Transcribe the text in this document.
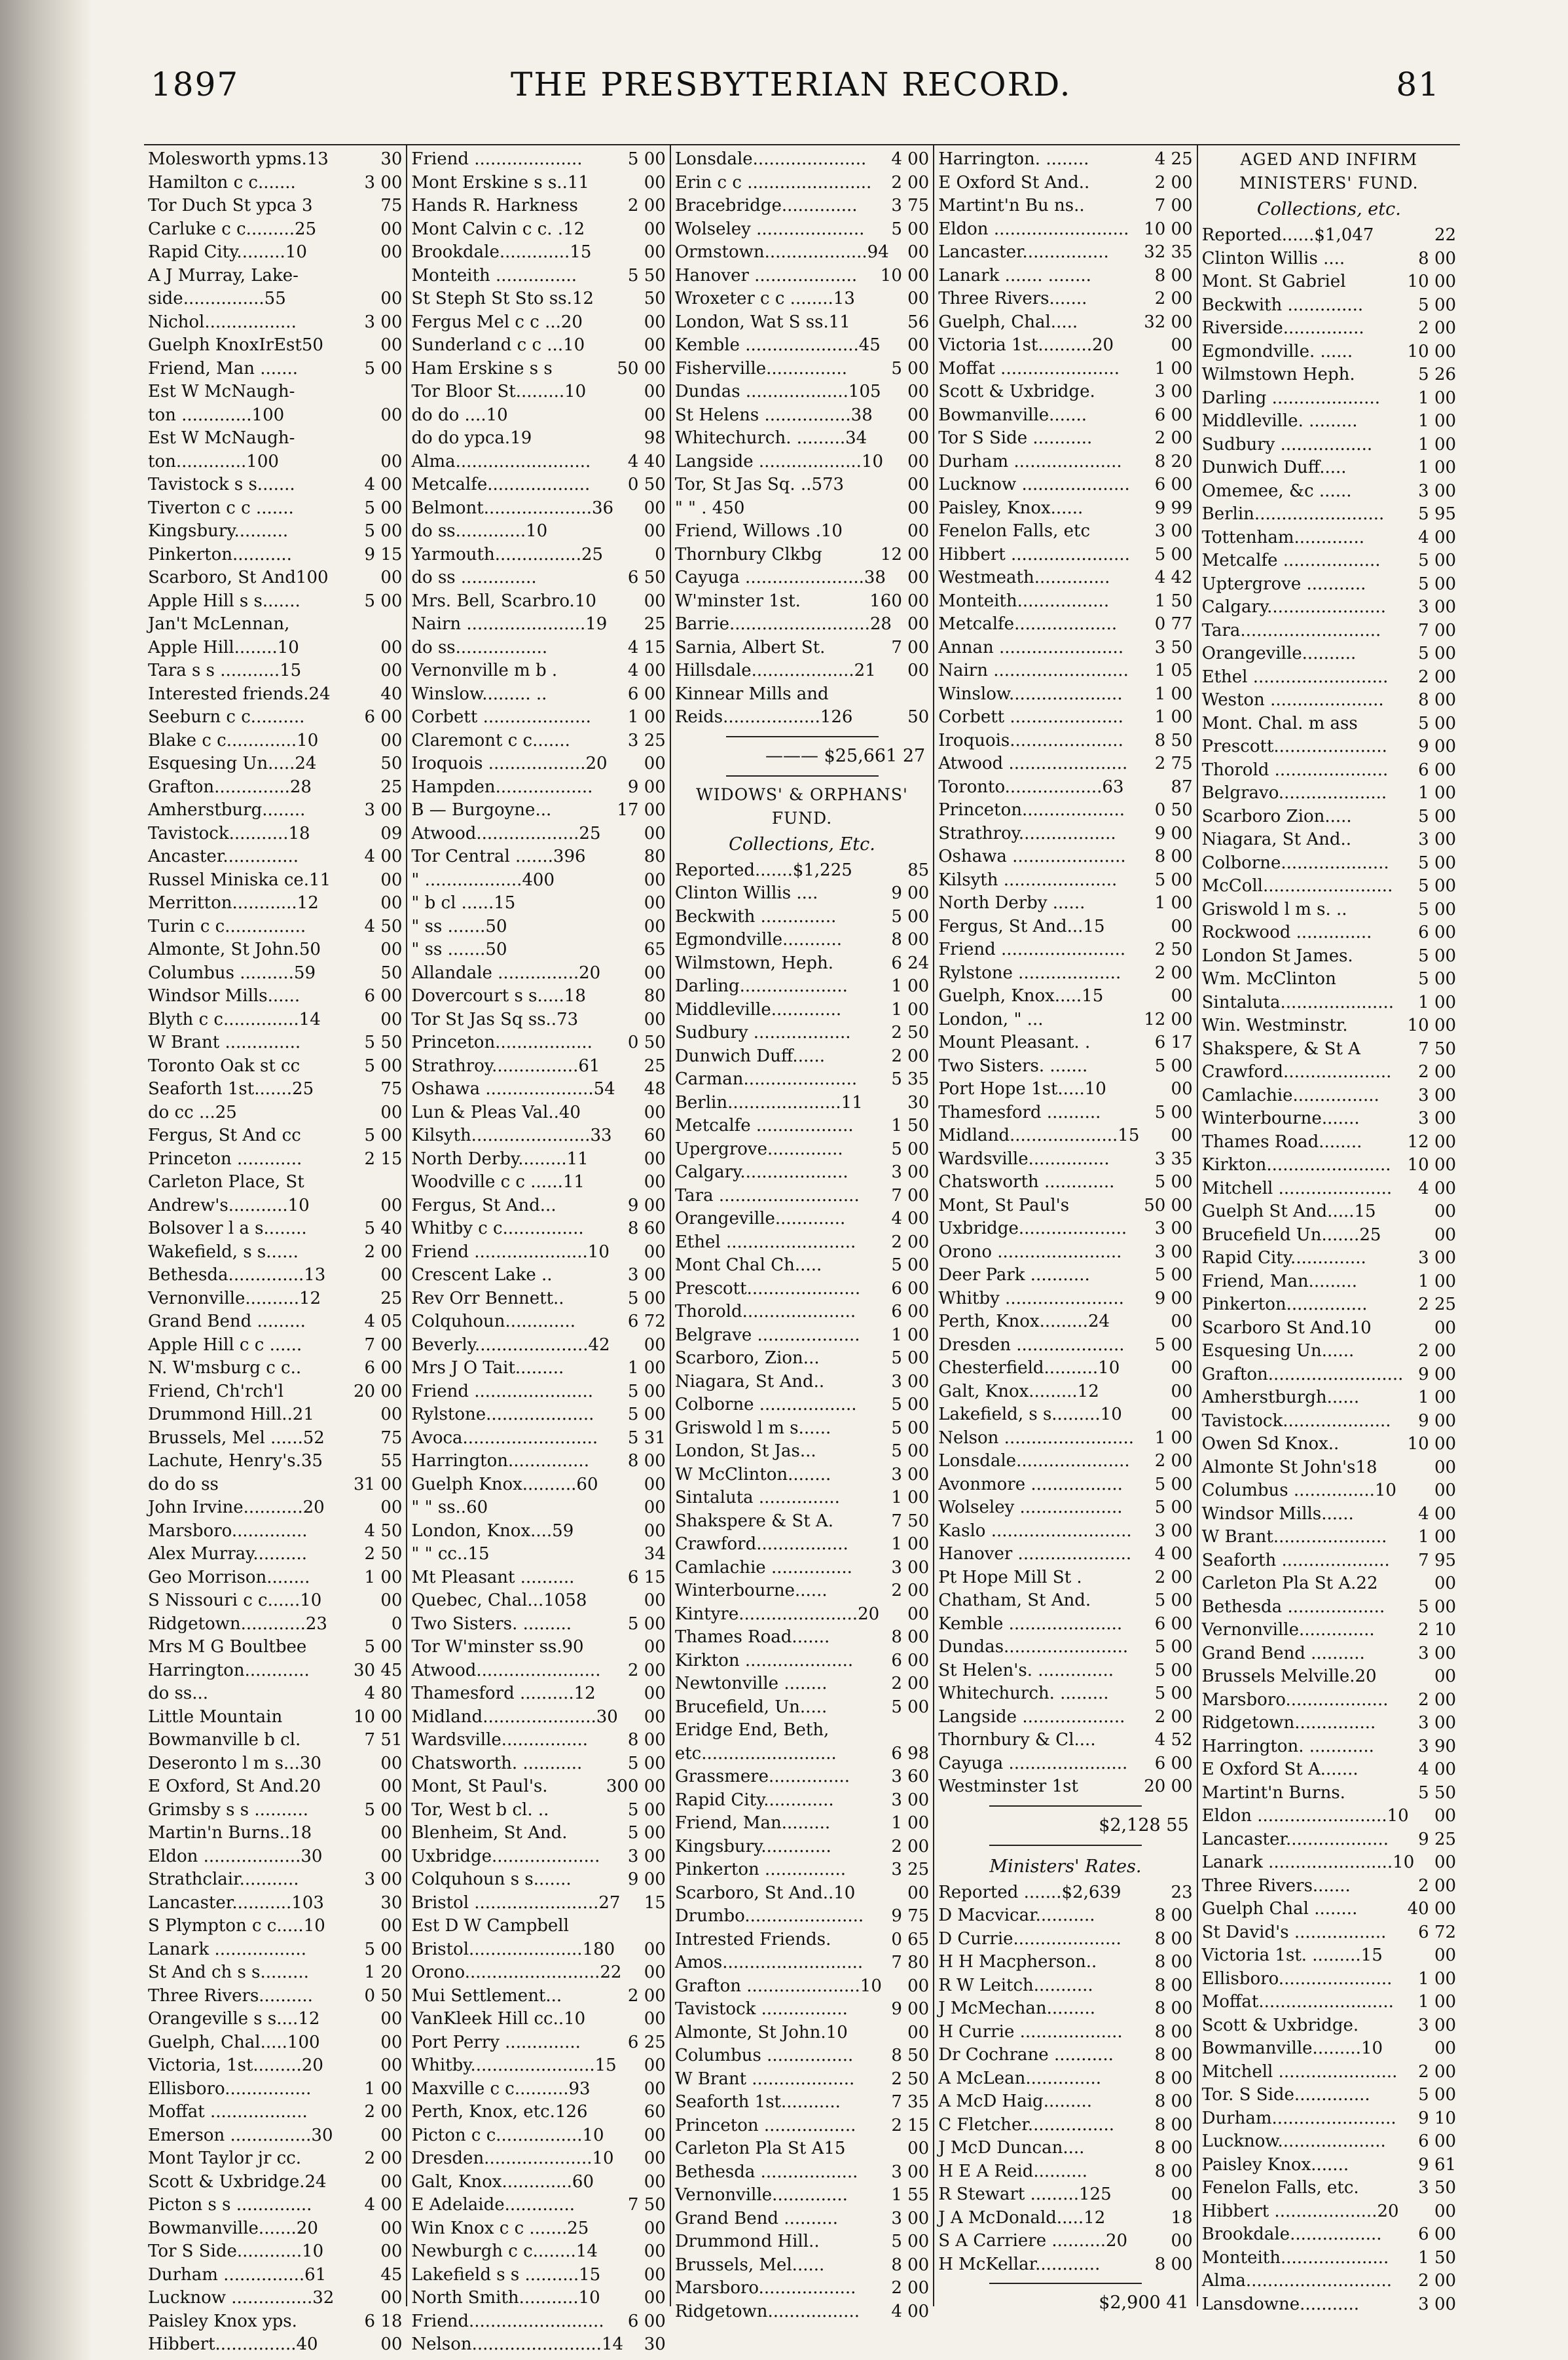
1897	THE PRESBYTERIAN RECORD.	81
Molesworth ypms.13	30
Hamilton c c.......	3 00
Tor Duch St ypca 3	75
Carluke c c.........25	00
Rapid City.........10	00
A J Murray, Lake-
side...............55	00
Nichol.................	3 00
Guelph KnoxIrEst50	00
Friend, Man .......	5 00
Est W McNaugh-
ton .............100	00
Est W McNaugh-
ton.............100	00
Tavistock s s.......	4 00
Tiverton c c .......	5 00
Kingsbury..........	5 00
Pinkerton...........	9 15
Scarboro, St And100	00
Apple Hill s s.......	5 00
Jan't McLennan,
Apple Hill........10	00
Tara s s ...........15	00
Interested friends.24	40
Seeburn c c..........	6 00
Blake c c.............10	00
Esquesing Un.....24	50
Grafton..............28	25
Amherstburg........	3 00
Tavistock...........18	09
Ancaster..............	4 00
Russel Miniska ce.11	00
Merritton............12	00
Turin c c...............	4 50
Almonte, St John.50	00
Columbus ..........59	50
Windsor Mills......	6 00
Blyth c c..............14	00
W Brant ..............	5 50
Toronto Oak st cc	5 00
Seaforth 1st.......25	75
do cc ...25	00
Fergus, St And cc	5 00
Princeton ............	2 15
Carleton Place, St
Andrew's...........10	00
Bolsover l a s........	5 40
Wakefield, s s......	2 00
Bethesda..............13	00
Vernonville..........12	25
Grand Bend .........	4 05
Apple Hill c c ......	7 00
N. W'msburg c c..	6 00
Friend, Ch'rch'l	20 00
Drummond Hill..21	00
Brussels, Mel ......52	75
Lachute, Henry's.35	55
do do ss	31 00
John Irvine...........20	00
Marsboro..............	4 50
Alex Murray..........	2 50
Geo Morrison........	1 00
S Nissouri c c......10	00
Ridgetown............23	0
Mrs M G Boultbee	5 00
Harrington............	30 45
do ss...	4 80
Little Mountain	10 00
Bowmanville b cl.	7 51
Deseronto l m s...30	00
E Oxford, St And.20	00
Grimsby s s ..........	5 00
Martin'n Burns..18	00
Eldon ..................30	00
Strathclair...........	3 00
Lancaster...........103	30
S Plympton c c.....10	00
Lanark .................	5 00
St And ch s s.........	1 20
Three Rivers..........	0 50
Orangeville s s....12	00
Guelph, Chal.....100	00
Victoria, 1st.........20	00
Ellisboro................	1 00
Moffat ..................	2 00
Emerson ...............30	00
Mont Taylor jr cc.	2 00
Scott & Uxbridge.24	00
Picton s s ..............	4 00
Bowmanville.......20	00
Tor S Side............10	00
Durham ...............61	45
Lucknow ...............32	00
Paisley Knox yps.	6 18
Hibbert...............40	00
Friend ....................	5 00
Mont Erskine s s..11	00
Hands R. Harkness	2 00
Mont Calvin c c. .12	00
Brookdale.............15	00
Monteith ...............	5 50
St Steph St Sto ss.12	50
Fergus Mel c c ...20	00
Sunderland c c ...10	00
Ham Erskine s s	50 00
Tor Bloor St.........10	00
do do ....10	00
do do ypca.19	98
Alma......................... 4 40
Metcalfe................... 0 50
Belmont....................36 00
do ss.............10	00
Yarmouth................25	0
do ss ..............	6 50
Mrs. Bell, Scarbro.10	00
Nairn ......................19 25
do ss.................	4 15
Vernonville m b .	4 00
Winslow......... ..	6 00
Corbett .................... 1 00
Claremont c c.......	3 25
Iroquois ..................20 00
Hampden.................. 9 00
B — Burgoyne...	17 00
Atwood...................25	00
Tor Central .......396	80
" ..................400	00
" b cl ......15	00
" ss .......50	00
" ss .......50	65
Allandale ...............20	00
Dovercourt s s.....18	80
Tor St Jas Sq ss..73	00
Princeton.................. 0 50
Strathroy................61	25
Oshawa ....................54 48
Lun & Pleas Val..40	00
Kilsyth......................33 60
North Derby.........11	00
Woodville c c ......11	00
Fergus, St And...	9 00
Whitby c c...............	8 60
Friend .....................10 00
Crescent Lake ..	3 00
Rev Orr Bennett..	5 00
Colquhoun.............	6 72
Beverly.....................42 00
Mrs J O Tait.........	1 00
Friend ...................... 5 00
Rylstone.................... 5 00
Avoca......................... 5 31
Harrington............... 8 00
Guelph Knox..........60	00
" " ss..60	00
London, Knox....59	00
" " cc..15	34
Mt Pleasant ..........	6 15
Quebec, Chal...1058	00
Two Sisters. .........	5 00
Tor W'minster ss.90	00
Atwood....................... 2 00
Thamesford ..........12	00
Midland.....................30 00
Wardsville................ 8 00
Chatsworth. ...........	5 00
Mont, St Paul's.	300 00
Tor, West b cl. ..	5 00
Blenheim, St And.	5 00
Uxbridge.................... 3 00
Colquhoun s s.......	9 00
Bristol .......................27 15
Est D W Campbell
Bristol.....................180 00
Orono.........................22 00
Mui Settlement...	2 00
VanKleek Hill cc..10	00
Port Perry ..............	6 25
Whitby.......................15 00
Maxville c c..........93	00
Perth, Knox, etc.126	60
Picton c c................10 00
Dresden....................10 00
Galt, Knox.............60	00
E Adelaide.............	7 50
Win Knox c c .......25	00
Newburgh c c........14	00
Lakefield s s ..........15	00
North Smith...........10	00
Friend......................... 6 00
Nelson........................14 30
Lonsdale..................... 4 00
Erin c c ....................... 2 00
Bracebridge.............. 3 75
Wolseley .................... 5 00
Ormstown...................94 00
Hanover ................... 10 00
Wroxeter c c ........13	00
London, Wat S ss.11	56
Kemble .....................45 00
Fisherville...............	5 00
Dundas ...................105 00
St Helens ................38 00
Whitechurch. .........34 00
Langside ...................10 00
Tor, St Jas Sq. ..573	00
" " . 450	00
Friend, Willows .10	00
Thornbury Clkbg	12 00
Cayuga ......................38 00
W'minster 1st.	160 00
Barrie..........................28 00
Sarnia, Albert St.	7 00
Hillsdale...................21 00
Kinnear Mills and
Reids..................126	50
——— $25,661 27
WIDOWS' & ORPHANS'
FUND.
Collections, Etc.
Reported.......$1,225	85
Clinton Willis ....	9 00
Beckwith ..............	5 00
Egmondville...........	8 00
Wilmstown, Heph.	6 24
Darling....................	1 00
Middleville.............	1 00
Sudbury .................. 2 50
Dunwich Duff......	2 00
Carman..................... 5 35
Berlin.....................11	30
Metcalfe .................. 1 50
Upergrove..............	5 00
Calgary....................	3 00
Tara .......................... 7 00
Orangeville.............	4 00
Ethel ........................ 2 00
Mont Chal Ch.....	5 00
Prescott..................... 6 00
Thorold..................... 6 00
Belgrave ................... 1 00
Scarboro, Zion...	5 00
Niagara, St And..	3 00
Colborne .................. 5 00
Griswold l m s......	5 00
London, St Jas...	5 00
W McClinton........	3 00
Sintaluta ...............	1 00
Shakspere & St A.	7 50
Crawford.................	1 00
Camlachie ............... 3 00
Winterbourne......	2 00
Kintyre......................20 00
Thames Road.......	8 00
Kirkton .................... 6 00
Newtonville ........	2 00
Brucefield, Un.....	5 00
Eridge End, Beth,
etc.........................	6 98
Grassmere............... 3 60
Rapid City.............	3 00
Friend, Man.........	1 00
Kingsbury.............	2 00
Pinkerton ...............	3 25
Scarboro, St And..10	00
Drumbo...................... 9 75
Intrested Friends.	0 65
Amos.......................... 7 80
Grafton .....................10 00
Tavistock ................	9 00
Almonte, St John.10	00
Columbus ................ 8 50
W Brant ................... 2 50
Seaforth 1st...........	7 35
Princeton ................. 2 15
Carleton Pla St A15	00
Bethesda .................. 3 00
Vernonville..............	1 55
Grand Bend ..........	3 00
Drummond Hill..	5 00
Brussels, Mel......	8 00
Marsboro.................. 2 00
Ridgetown................. 4 00
Harrington. ........	4 25
E Oxford St And..	2 00
Martint'n Bu ns..	7 00
Eldon ......................... 10 00
Lancaster................ 32 35
Lanark ....... ........	8 00
Three Rivers.......	2 00
Guelph, Chal.....	32 00
Victoria 1st..........20	00
Moffat ...................... 1 00
Scott & Uxbridge.	3 00
Bowmanville.......	6 00
Tor S Side ...........	2 00
Durham .................... 8 20
Lucknow .................... 6 00
Paisley, Knox......	9 99
Fenelon Falls, etc	3 00
Hibbert ...................... 5 00
Westmeath..............	4 42
Monteith.................	1 50
Metcalfe................... 0 77
Annan ....................... 3 50
Nairn ......................... 1 05
Winslow..................... 1 00
Corbett ..................... 1 00
Iroquois..................... 8 50
Atwood ...................... 2 75
Toronto..................63	87
Princeton................... 0 50
Strathroy.................. 9 00
Oshawa ..................... 8 00
Kilsyth ..................... 5 00
North Derby ......	1 00
Fergus, St And...15	00
Friend ....................... 2 50
Rylstone ................... 2 00
Guelph, Knox.....15	00
London, " ...	12 00
Mount Pleasant. .	6 17
Two Sisters. .......	5 00
Port Hope 1st.....10	00
Thamesford ..........	5 00
Midland....................15 00
Wardsville...............	3 35
Chatsworth ............. 5 00
Mont, St Paul's	50 00
Uxbridge.................... 3 00
Orono ....................... 3 00
Deer Park ...........	5 00
Whitby ...................... 9 00
Perth, Knox.........24	00
Dresden .................... 5 00
Chesterfield..........10	00
Galt, Knox.........12	00
Lakefield, s s.........10	00
Nelson ........................ 1 00
Lonsdale..................... 2 00
Avonmore ................. 5 00
Wolseley ................... 5 00
Kaslo .......................... 3 00
Hanover ..................... 4 00
Pt Hope Mill St .	2 00
Chatham, St And.	5 00
Kemble ..................... 6 00
Dundas....................... 5 00
St Helen's. .............. 5 00
Whitechurch. .........	5 00
Langside ................... 2 00
Thornbury & Cl....	4 52
Cayuga ...................... 6 00
Westminster 1st	20 00
$2,128 55
Ministers' Rates.
Reported .......$2,639	23
D Macvicar...........	8 00
D Currie.................... 8 00
H H Macpherson..	8 00
R W Leitch...........	8 00
J McMechan.........	8 00
H Currie ................... 8 00
Dr Cochrane ........... 8 00
A McLean..............	8 00
A McD Haig.........	8 00
C Fletcher................ 8 00
J McD Duncan....	8 00
H E A Reid..........	8 00
R Stewart .........125	00
J A McDonald.....12	18
S A Carriere ..........20	00
H McKellar............	8 00
$2,900 41
AGED AND INFIRM
MINISTERS' FUND.
Collections, etc.
Reported......$1,047	22
Clinton Willis ....	8 00
Mont. St Gabriel	10 00
Beckwith ..............	5 00
Riverside...............	2 00
Egmondville. ......	10 00
Wilmstown Heph.	5 26
Darling .................... 1 00
Middleville. .........	1 00
Sudbury .................	1 00
Dunwich Duff.....	1 00
Omemee, &c ......	3 00
Berlin........................ 5 95
Tottenham.............	4 00
Metcalfe .................. 5 00
Uptergrove ...........	5 00
Calgary...................... 3 00
Tara.......................... 7 00
Orangeville..........	5 00
Ethel ......................... 2 00
Weston ..................... 8 00
Mont. Chal. m ass	5 00
Prescott..................... 9 00
Thorold ..................... 6 00
Belgravo.................... 1 00
Scarboro Zion.....	5 00
Niagara, St And..	3 00
Colborne.................... 5 00
McColl........................ 5 00
Griswold l m s. ..	5 00
Rockwood ..............	6 00
London St James.	5 00
Wm. McClinton	5 00
Sintaluta..................... 1 00
Win. Westminstr.	10 00
Shakspere, & St A	7 50
Crawford.................... 2 00
Camlachie................ 3 00
Winterbourne.......	3 00
Thames Road........	12 00
Kirkton....................... 10 00
Mitchell ..................... 4 00
Guelph St And.....15	00
Brucefield Un.......25	00
Rapid City..............	3 00
Friend, Man.........	1 00
Pinkerton...............	2 25
Scarboro St And.10	00
Esquesing Un......	2 00
Grafton......................... 9 00
Amherstburgh......	1 00
Tavistock.................... 9 00
Owen Sd Knox..	10 00
Almonte St John's18	00
Columbus ...............10 00
Windsor Mills......	4 00
W Brant..................... 1 00
Seaforth .................... 7 95
Carleton Pla St A.22	00
Bethesda .................. 5 00
Vernonville..............	2 10
Grand Bend ..........	3 00
Brussels Melville.20	00
Marsboro................... 2 00
Ridgetown............... 3 00
Harrington. ............	3 90
E Oxford St A.......	4 00
Martint'n Burns.	5 50
Eldon ........................10 00
Lancaster................... 9 25
Lanark .......................10 00
Three Rivers.......	2 00
Guelph Chal ........	40 00
St David's ................. 6 72
Victoria 1st. .........15	00
Ellisboro..................... 1 00
Moffat......................... 1 00
Scott & Uxbridge.	3 00
Bowmanville.........10	00
Mitchell ...................... 2 00
Tor. S Side..............	5 00
Durham....................... 9 10
Lucknow.................... 6 00
Paisley Knox.......	9 61
Fenelon Falls, etc.	3 50
Hibbert ...................20 00
Brookdale................. 6 00
Monteith.................... 1 50
Alma........................... 2 00
Lansdowne...........	3 00
